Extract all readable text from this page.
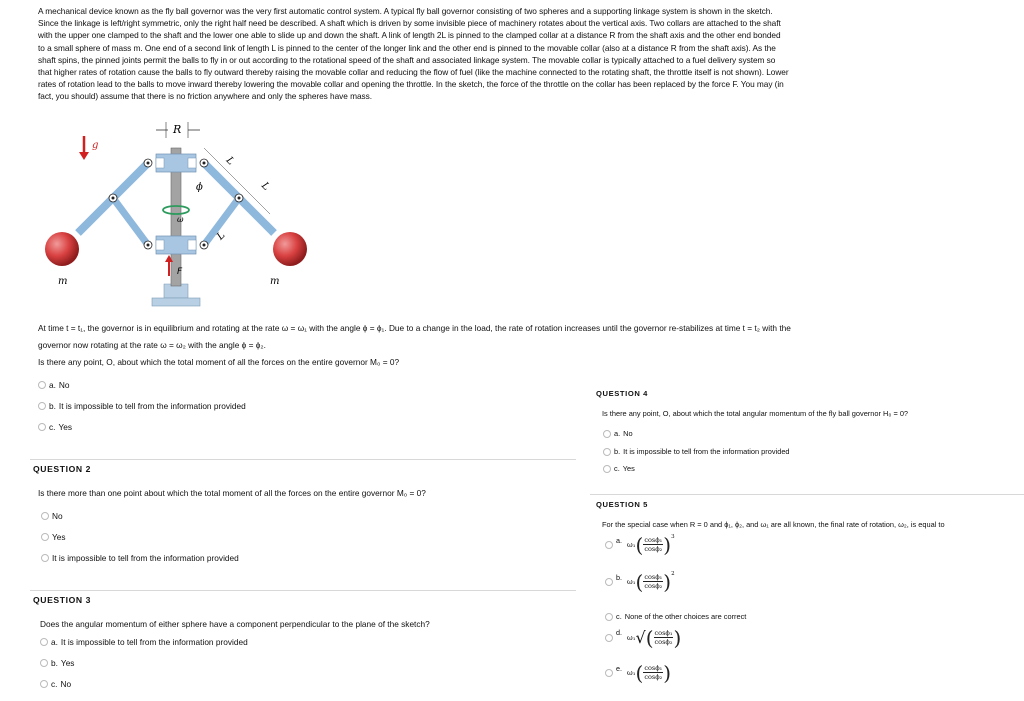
A mechanical device known as the fly ball governor was the very first automatic control system. A typical fly ball governor consisting of two spheres and a supporting linkage system is shown in the sketch.

Since the linkage is left/right symmetric, only the right half need be described. A shaft which is driven by some invisible piece of machinery rotates about the vertical axis. Two collars are attached to the shaft

with the upper one clamped to the shaft and the lower one able to slide up and down the shaft. A link of length 2L is pinned to the clamped collar at a distance R from the shaft axis and the other end bonded

to a small sphere of mass m. One end of a second link of length L is pinned to the center of the longer link and the other end is pinned to the movable collar (also at a distance R from the shaft axis). As the

shaft spins, the pinned joints permit the balls to fly in or out according to the rotational speed of the shaft and associated linkage system. The movable collar is typically attached to a fuel delivery system so

that higher rates of rotation cause the balls to fly outward thereby raising the movable collar and reducing the flow of fuel (like the machine connected to the rotating shaft, the throttle itself is not shown). Lower

rates of rotation lead to the balls to move inward thereby lowering the movable collar and opening the throttle. In the sketch, the force of the throttle on the collar has been replaced by the force F. You may (in

fact, you should) assume that there is no friction anywhere and only the spheres have mass.

R
g
L
L
L
ϕ
ω
m	m
F

At time t = t₁, the governor is in equilibrium and rotating at the rate ω = ω₁ with the angle ϕ = ϕ₁. Due to a change in the load, the rate of rotation increases until the governor re-stabilizes at time t = t₂ with the

governor now rotating at the rate ω = ω₂ with the angle ϕ = ϕ₂.

Is there any point, O, about which the total moment of all the forces on the entire governor M₀ = 0?

a. No
b. It is impossible to tell from the information provided
c. Yes
QUESTION 2
Is there more than one point about which the total moment of all the forces on the entire governor M₀ = 0?
No
Yes
It is impossible to tell from the information provided
QUESTION 3
Does the angular momentum of either sphere have a component perpendicular to the plane of the sketch?
a. It is impossible to tell from the information provided
b. Yes
c. No
QUESTION 4
Is there any point, O, about which the total angular momentum of the fly ball governor H₀ = 0?
a. No
b. It is impossible to tell from the information provided
c. Yes
QUESTION 5
For the special case when R = 0 and ϕ₁, ϕ₂, and ω₁ are all known, the final rate of rotation, ω₂, is equal to
a. ω₁ ( cosϕ₁
cosϕ₂ ) 3
b. ω₁ ( cosϕ₁
cosϕ₂ ) 2
c. None of the other choices are correct
d.
ω₁ √ ( cosϕ₁
cosϕ₂ )
e. ω₁ ( cosϕ₁
cosϕ₂ )
